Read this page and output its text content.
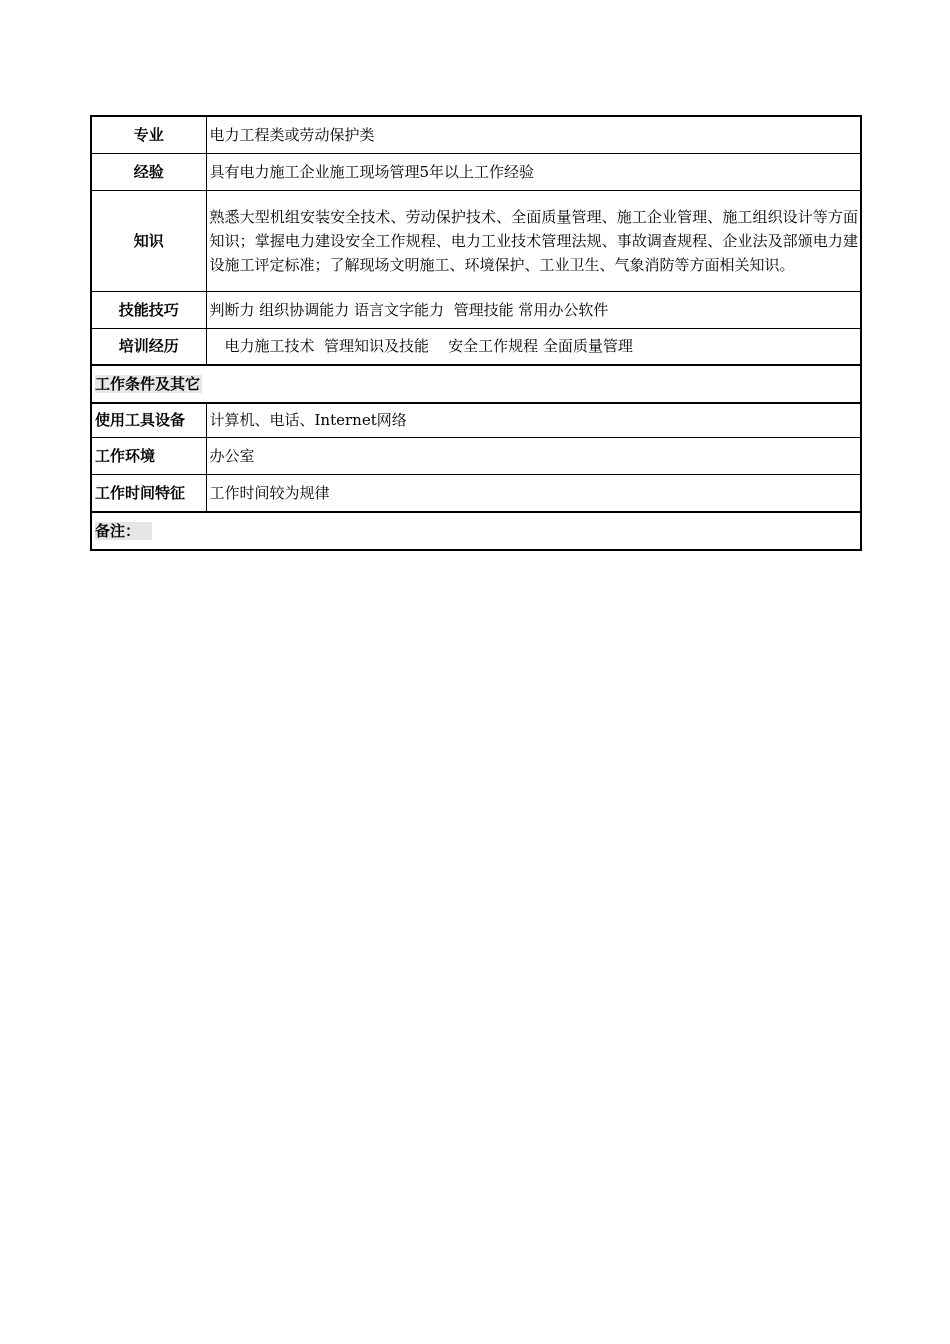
专业	电力工程类或劳动保护类
经验	具有电力施工企业施工现场管理5年以上工作经验
知识	熟悉大型机组安装安全技术、劳动保护技术、全面质量管理、施工企业管理、施工组织设计等方面知识；掌握电力建设安全工作规程、电力工业技术管理法规、事故调查规程、企业法及部颁电力建设施工评定标准；了解现场文明施工、环境保护、工业卫生、气象消防等方面相关知识。
技能技巧	判断力 组织协调能力 语言文字能力  管理技能 常用办公软件
培训经历	电力施工技术  管理知识及技能    安全工作规程 全面质量管理
工作条件及其它	
使用工具设备	计算机、电话、Internet网络
工作环境	办公室
工作时间特征	工作时间较为规律
备注：	
